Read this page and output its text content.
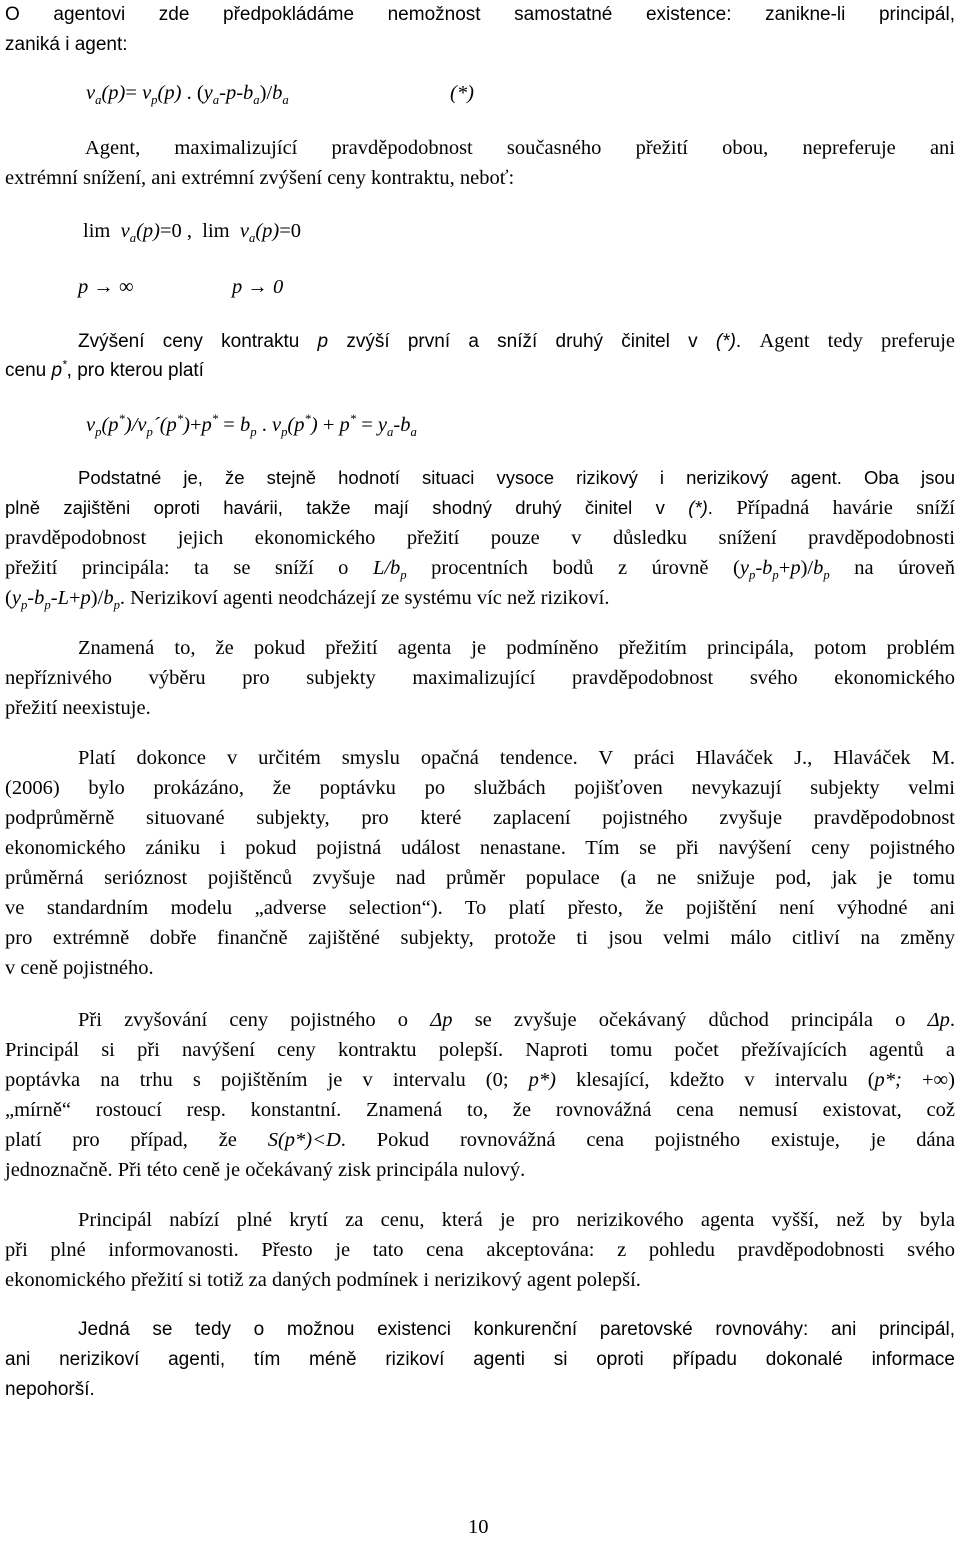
O agentovi zde předpokládáme nemožnost samostatné existence: zanikne-li principál,
zaniká i agent:
$v_a(p)= v_p(p)$ . $(y_a-p-b_a)/b_a$	(*)
Agent, maximalizující pravděpodobnost současného přežití obou, nepreferuje ani
extrémní snížení, ani extrémní zvýšení ceny kontraktu, neboť:
$\lim v_a(p)=0$ ,  $\lim v_a(p)=0$
p → ∞	p → 0
Zvýšení ceny kontraktu p zvýší první a sníží druhý činitel v (*). Agent tedy preferuje
cenu p*, pro kterou platí
$v_p(p^*)/v_p´(p^*)+p^* = b_p$ . $v_p(p^*) + p^* = y_a-b_a$
Podstatné je, že stejně hodnotí situaci vysoce rizikový i nerizikový agent. Oba jsou
plně zajištěni oproti havárii, takže mají shodný druhý činitel v (*). Případná havárie sníží
pravděpodobnost jejich ekonomického přežití pouze v důsledku snížení pravděpodobnosti
přežití principála: ta se sníží o $L/b_p$ procentních bodů z úrovně $(y_p-b_p+p)/b_p$ na úroveň
$(y_p-b_p-L+p)/b_p$. Nerizikoví agenti neodcházejí ze systému víc než rizikoví.
Znamená to, že pokud přežití agenta je podmíněno přežitím principála, potom problém
nepříznivého výběru pro subjekty maximalizující pravděpodobnost svého ekonomického
přežití neexistuje.
Platí dokonce v určitém smyslu opačná tendence. V práci Hlaváček J., Hlaváček M.
(2006) bylo prokázáno, že poptávku po službách pojišťoven nevykazují subjekty velmi
podprůměrně situované subjekty, pro které zaplacení pojistného zvyšuje pravděpodobnost
ekonomického zániku i pokud pojistná událost nenastane. Tím se při navýšení ceny pojistného
průměrná serióznost pojištěnců zvyšuje nad průměr populace (a ne snižuje pod, jak je tomu
ve standardním modelu „adverse selection“). To platí přesto, že pojištění není výhodné ani
pro extrémně dobře finančně zajištěné subjekty, protože ti jsou velmi málo citliví na změny
v ceně pojistného.
Při zvyšování ceny pojistného o Δp se zvyšuje očekávaný důchod principála o Δp.
Principál si při navýšení ceny kontraktu polepší. Naproti tomu počet přežívajících agentů a
poptávka na trhu s pojištěním je v intervalu (0; p*) klesající, kdežto v intervalu (p*; +∞)
„mírně“ rostoucí resp. konstantní. Znamená to, že rovnovážná cena nemusí existovat, což
platí pro případ, že S(p*)<D. Pokud rovnovážná cena pojistného existuje, je dána
jednoznačně. Při této ceně je očekávaný zisk principála nulový.
Principál nabízí plné krytí za cenu, která je pro nerizikového agenta vyšší, než by byla
při plné informovanosti. Přesto je tato cena akceptována: z pohledu pravděpodobnosti svého
ekonomického přežití si totiž za daných podmínek i nerizikový agent polepší.
Jedná se tedy o možnou existenci konkurenční paretovské rovnováhy: ani principál,
ani nerizikoví agenti, tím méně rizikoví agenti si oproti případu dokonalé informace
nepohorší.
10
